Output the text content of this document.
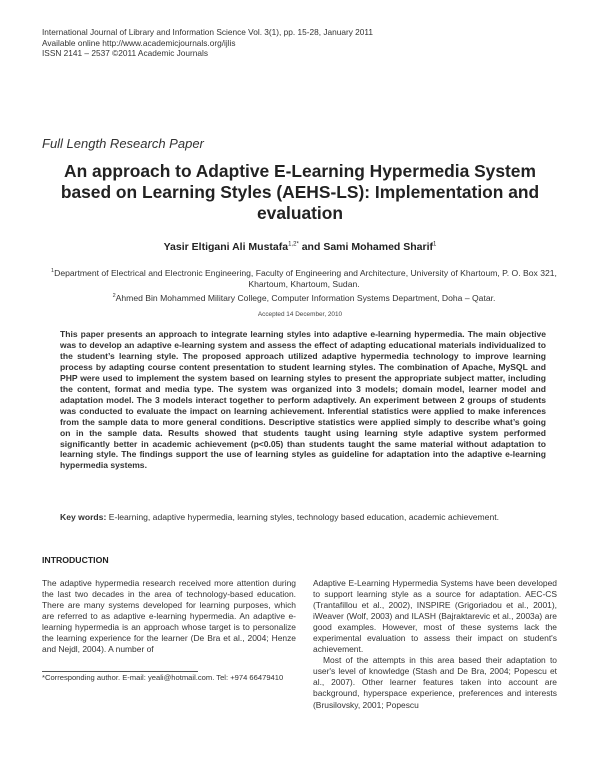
International Journal of Library and Information Science Vol. 3(1), pp. 15-28, January 2011
Available online http://www.academicjournals.org/ijlis
ISSN 2141 – 2537 ©2011 Academic Journals
Full Length Research Paper
An approach to Adaptive E-Learning Hypermedia System based on Learning Styles (AEHS-LS): Implementation and evaluation
Yasir Eltigani Ali Mustafa$^{1,2*}$ and Sami Mohamed Sharif$^1$
$^1$Department of Electrical and Electronic Engineering, Faculty of Engineering and Architecture, University of Khartoum, P. O. Box 321, Khartoum, Khartoum, Sudan.
$^2$Ahmed Bin Mohammed Military College, Computer Information Systems Department, Doha – Qatar.
Accepted 14 December, 2010
This paper presents an approach to integrate learning styles into adaptive e-learning hypermedia. The main objective was to develop an adaptive e-learning system and assess the effect of adapting educational materials individualized to the student’s learning style. The proposed approach utilized adaptive hypermedia technology to improve learning process by adapting course content presentation to student learning styles. The combination of Apache, MySQL and PHP were used to implement the system based on learning styles to present the appropriate subject matter, including the content, format and media type. The system was organized into 3 models; domain model, learner model and adaptation model. The 3 models interact together to perform adaptively. An experiment between 2 groups of students was conducted to evaluate the impact on learning achievement. Inferential statistics were applied to make inferences from the sample data to more general conditions. Descriptive statistics were applied simply to describe what’s going on in the sample data. Results showed that students taught using learning style adaptive system performed significantly better in academic achievement (p<0.05) than students taught the same material without adaptation to learning style. The findings support the use of learning styles as guideline for adaptation into the adaptive e-learning hypermedia systems.
Key words: E-learning, adaptive hypermedia, learning styles, technology based education, academic achievement.
INTRODUCTION

The adaptive hypermedia research received more attention during the last two decades in the area of technology-based education. There are many systems developed for learning purposes, which are referred to as adaptive e-learning hypermedia. An adaptive e-learning hypermedia is an approach whose target is to personalize the learning experience for the learner (De Bra et al., 2004; Henze and Nejdl, 2004). A number of

Adaptive E-Learning Hypermedia Systems have been developed to support learning style as a source for adaptation. AEC-CS (Trantafillou et al., 2002), INSPIRE (Grigoriadou et al., 2001), iWeaver (Wolf, 2003) and ILASH (Bajraktarevic et al., 2003a) are good examples. However, most of these systems lack the experimental evaluation to assess their impact on student's achievement.

Most of the attempts in this area based their adaptation to user's level of knowledge (Stash and De Bra, 2004; Popescu et al., 2007). Other learner features taken into account are background, hyperspace experience, preferences and interests (Brusilovsky, 2001; Popescu

*Corresponding author. E-mail: yeali@hotmail.com. Tel: +974 66479410
